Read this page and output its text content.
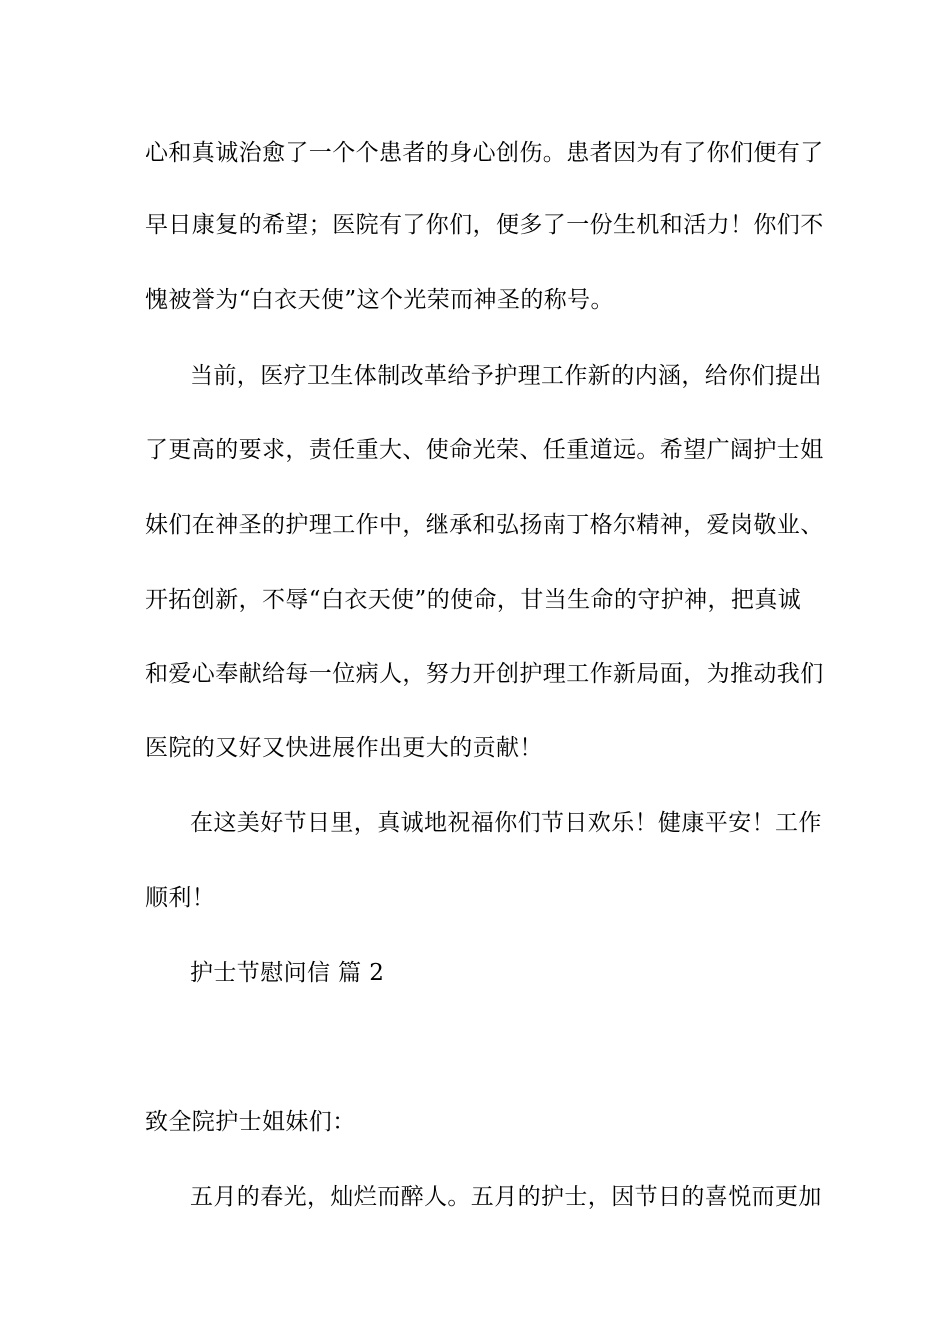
心和真诚治愈了一个个患者的身心创伤。患者因为有了你们便有了
早日康复的希望；医院有了你们，便多了一份生机和活力！你们不
愧被誉为“白衣天使”这个光荣而神圣的称号。
当前，医疗卫生体制改革给予护理工作新的内涵，给你们提出
了更高的要求，责任重大、使命光荣、任重道远。希望广阔护士姐
妹们在神圣的护理工作中，继承和弘扬南丁格尔精神，爱岗敬业、
开拓创新，不辱“白衣天使”的使命，甘当生命的守护神，把真诚
和爱心奉献给每一位病人，努力开创护理工作新局面，为推动我们
医院的又好又快进展作出更大的贡献！
在这美好节日里，真诚地祝福你们节日欢乐！健康平安！工作
顺利！
护士节慰问信 篇 2
致全院护士姐妹们：
五月的春光，灿烂而醉人。五月的护士，因节日的喜悦而更加
